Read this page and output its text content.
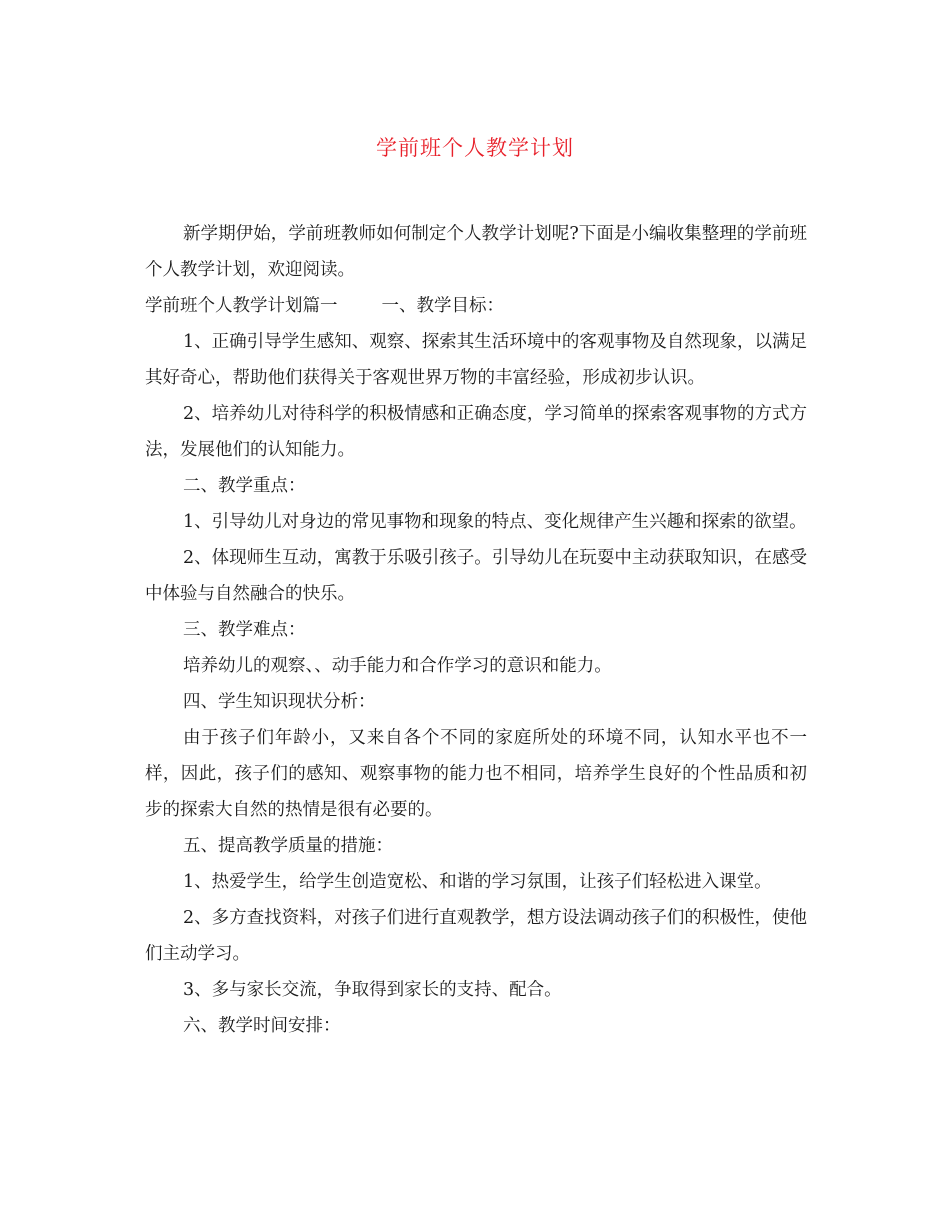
学前班个人教学计划

新学期伊始，学前班教师如何制定个人教学计划呢?下面是小编收集整理的学前班个人教学计划，欢迎阅读。

学前班个人教学计划篇一	一、教学目标：

1、正确引导学生感知、观察、探索其生活环境中的客观事物及自然现象，以满足其好奇心，帮助他们获得关于客观世界万物的丰富经验，形成初步认识。

2、培养幼儿对待科学的积极情感和正确态度，学习简单的探索客观事物的方式方法，发展他们的认知能力。

二、教学重点：

1、引导幼儿对身边的常见事物和现象的特点、变化规律产生兴趣和探索的欲望。

2、体现师生互动，寓教于乐吸引孩子。引导幼儿在玩耍中主动获取知识，在感受中体验与自然融合的快乐。

三、教学难点：

培养幼儿的观察、、动手能力和合作学习的意识和能力。

四、学生知识现状分析：

由于孩子们年龄小，又来自各个不同的家庭所处的环境不同，认知水平也不一样，因此，孩子们的感知、观察事物的能力也不相同，培养学生良好的个性品质和初步的探索大自然的热情是很有必要的。

五、提高教学质量的措施：

1、热爱学生，给学生创造宽松、和谐的学习氛围，让孩子们轻松进入课堂。

2、多方查找资料，对孩子们进行直观教学，想方设法调动孩子们的积极性，使他们主动学习。

3、多与家长交流，争取得到家长的支持、配合。

六、教学时间安排：
